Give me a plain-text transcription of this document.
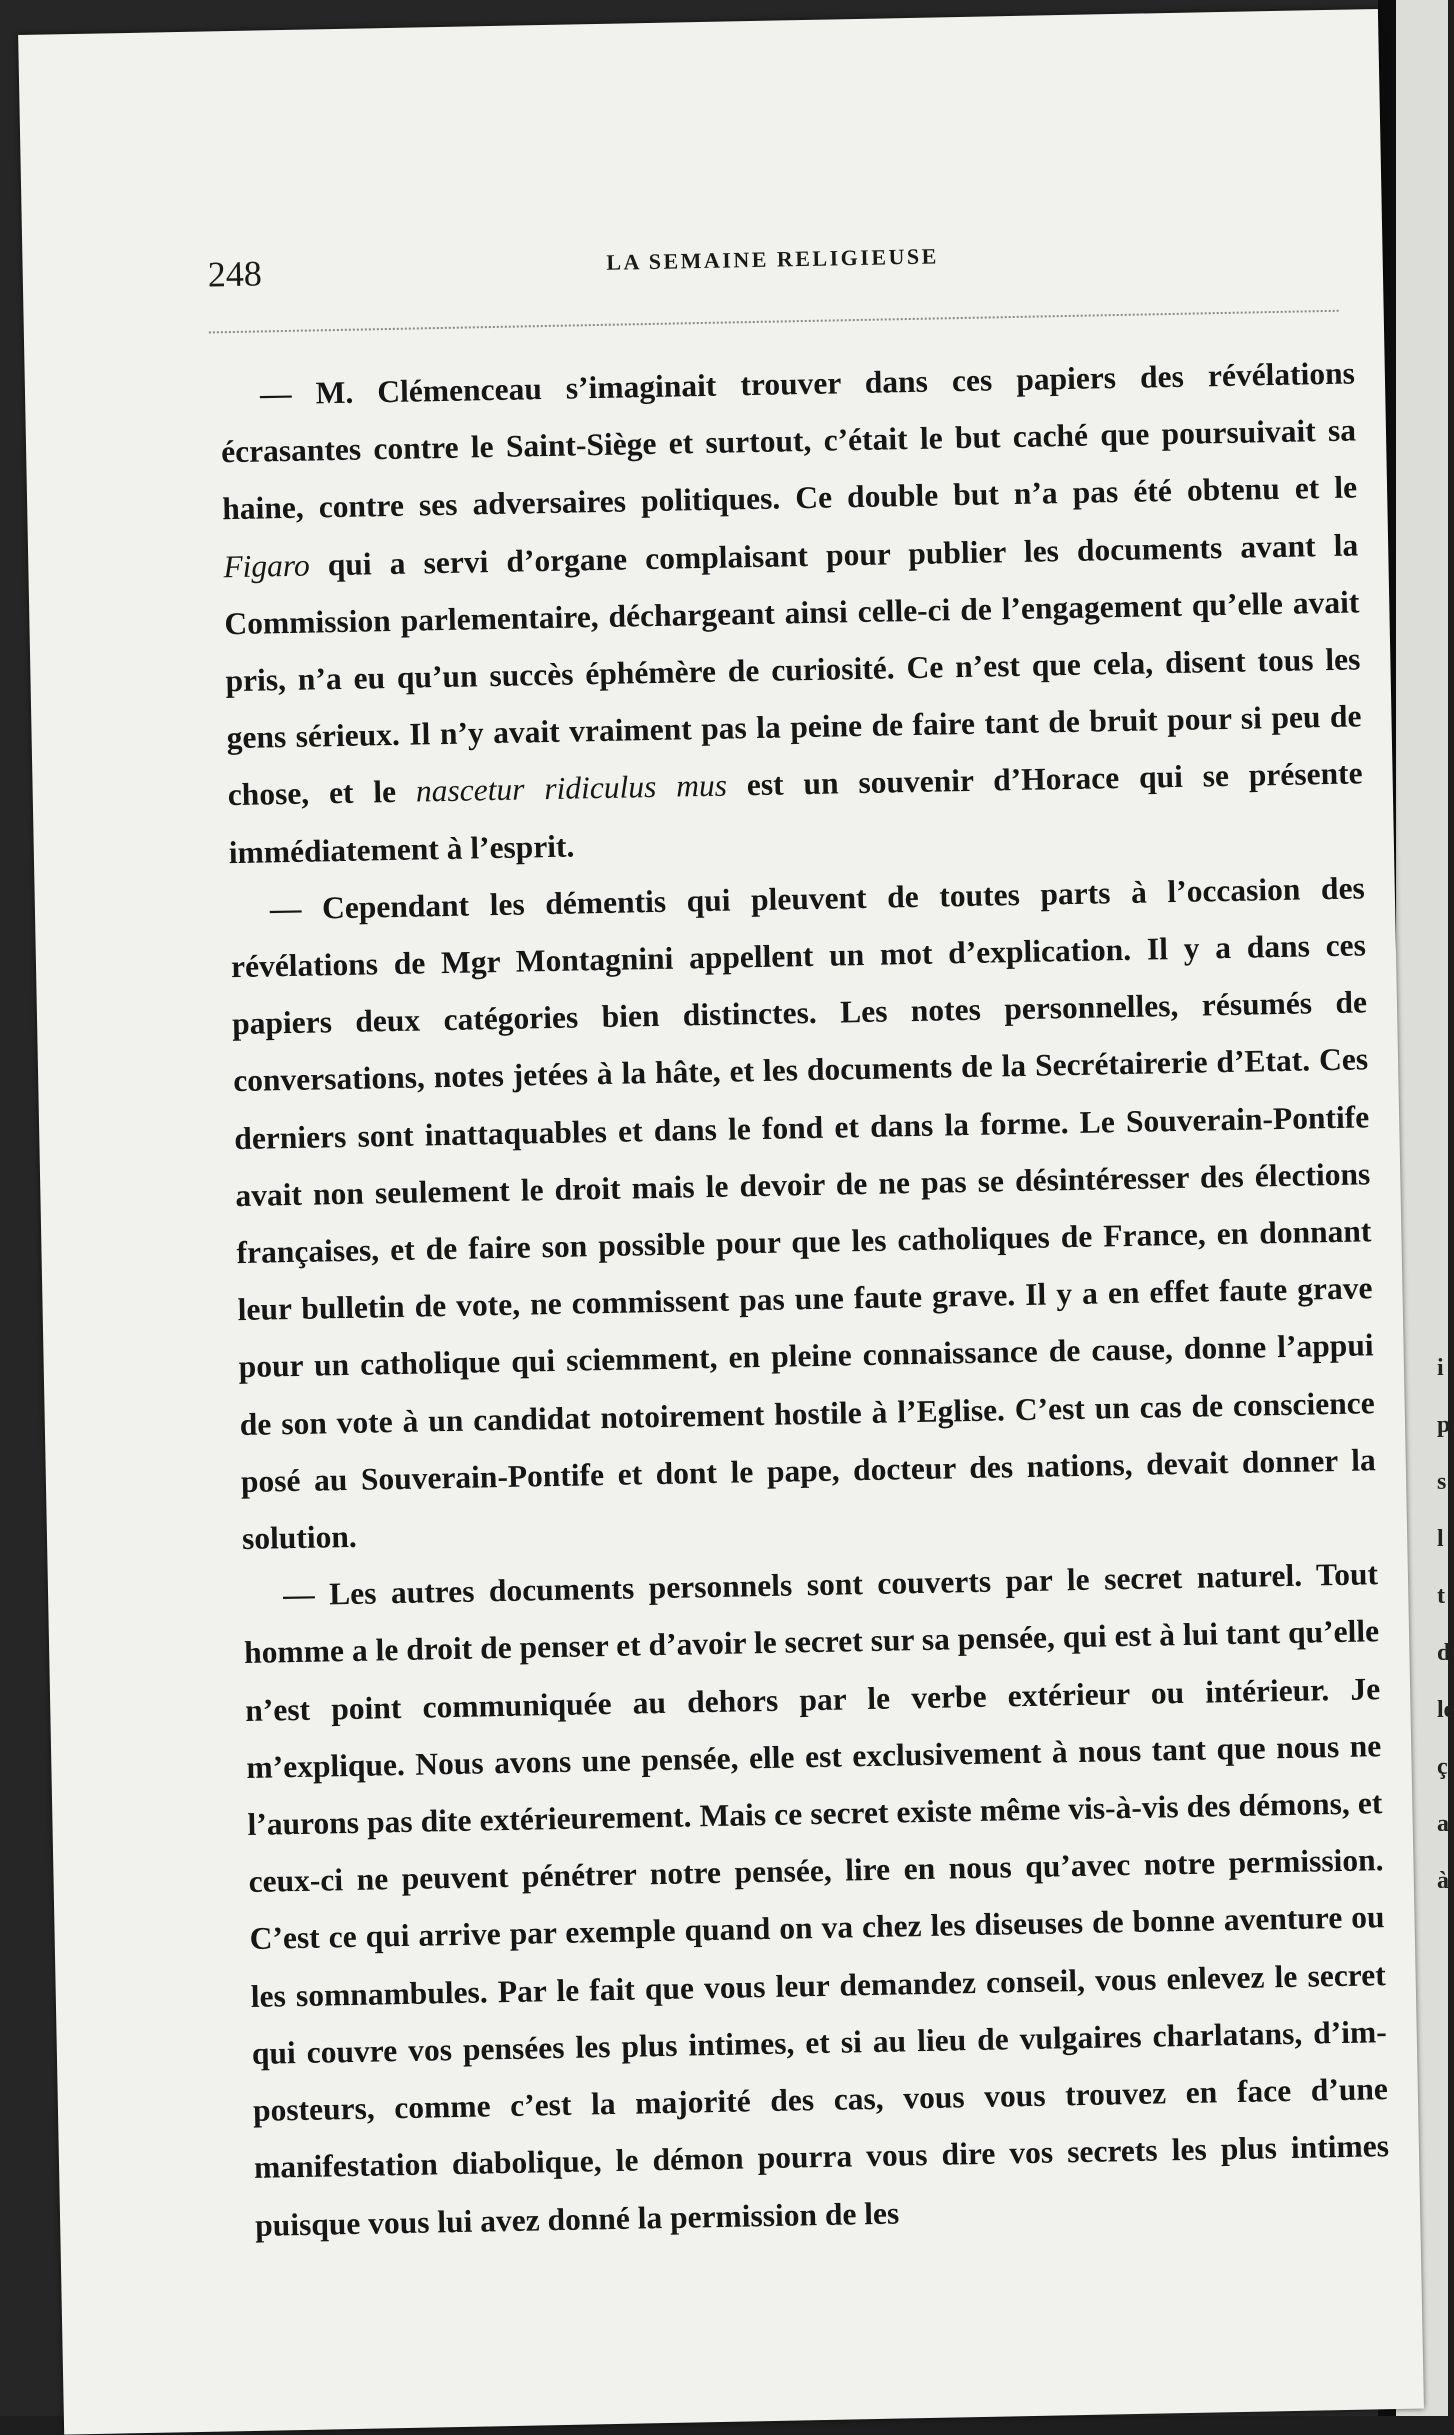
i
p
s
l
t
d
le
ç
a
à
248	LA SEMAINE RELIGIEUSE

— M. Clémenceau s’imaginait trouver dans ces papiers des révélations écrasantes contre le Saint-Siège et surtout, c’était le but caché que poursuivait sa haine, contre ses adversaires politiques. Ce double but n’a pas été obtenu et le Figaro qui a servi d’organe complaisant pour publier les documents avant la Commission parlementaire, déchargeant ainsi celle-ci de l’engagement qu’elle avait pris, n’a eu qu’un succès éphémère de curiosité. Ce n’est que cela, disent tous les gens sérieux. Il n’y avait vraiment pas la peine de faire tant de bruit pour si peu de chose, et le nascetur ridiculus mus est un souvenir d’Horace qui se présente immédiatement à l’esprit.

— Cependant les démentis qui pleuvent de toutes parts à l’occasion des révélations de Mgr Montagnini appellent un mot d’explication. Il y a dans ces papiers deux catégories bien distinctes. Les notes personnelles, résumés de conversations, notes jetées à la hâte, et les documents de la Secrétairerie d’Etat. Ces derniers sont inattaquables et dans le fond et dans la forme. Le Souverain-Pontife avait non seulement le droit mais le devoir de ne pas se désintéresser des élections françaises, et de faire son possible pour que les catholiques de France, en donnant leur bulletin de vote, ne commissent pas une faute grave. Il y a en effet faute grave pour un catholique qui sciemment, en pleine connaissance de cause, donne l’appui de son vote à un candidat notoirement hostile à l’Eglise. C’est un cas de conscience posé au Souverain-Pontife et dont le pape, docteur des nations, devait donner la solution.

— Les autres documents personnels sont couverts par le secret naturel. Tout homme a le droit de penser et d’avoir le secret sur sa pensée, qui est à lui tant qu’elle n’est point communiquée au dehors par le verbe extérieur ou intérieur. Je m’explique. Nous avons une pensée, elle est exclusivement à nous tant que nous ne l’aurons pas dite extérieurement. Mais ce secret existe même vis-à-vis des démons, et ceux-ci ne peuvent pénétrer notre pensée, lire en nous qu’avec notre permission. C’est ce qui arrive par exemple quand on va chez les diseuses de bonne aventure ou les somnambules. Par le fait que vous leur demandez conseil, vous enlevez le secret qui couvre vos pensées les plus intimes, et si au lieu de vulgaires charlatans, d’imposteurs, comme c’est la majorité des cas, vous vous trouvez en face d’une manifestation diabolique, le démon pourra vous dire vos secrets les plus intimes puisque vous lui avez donné la permission de les
